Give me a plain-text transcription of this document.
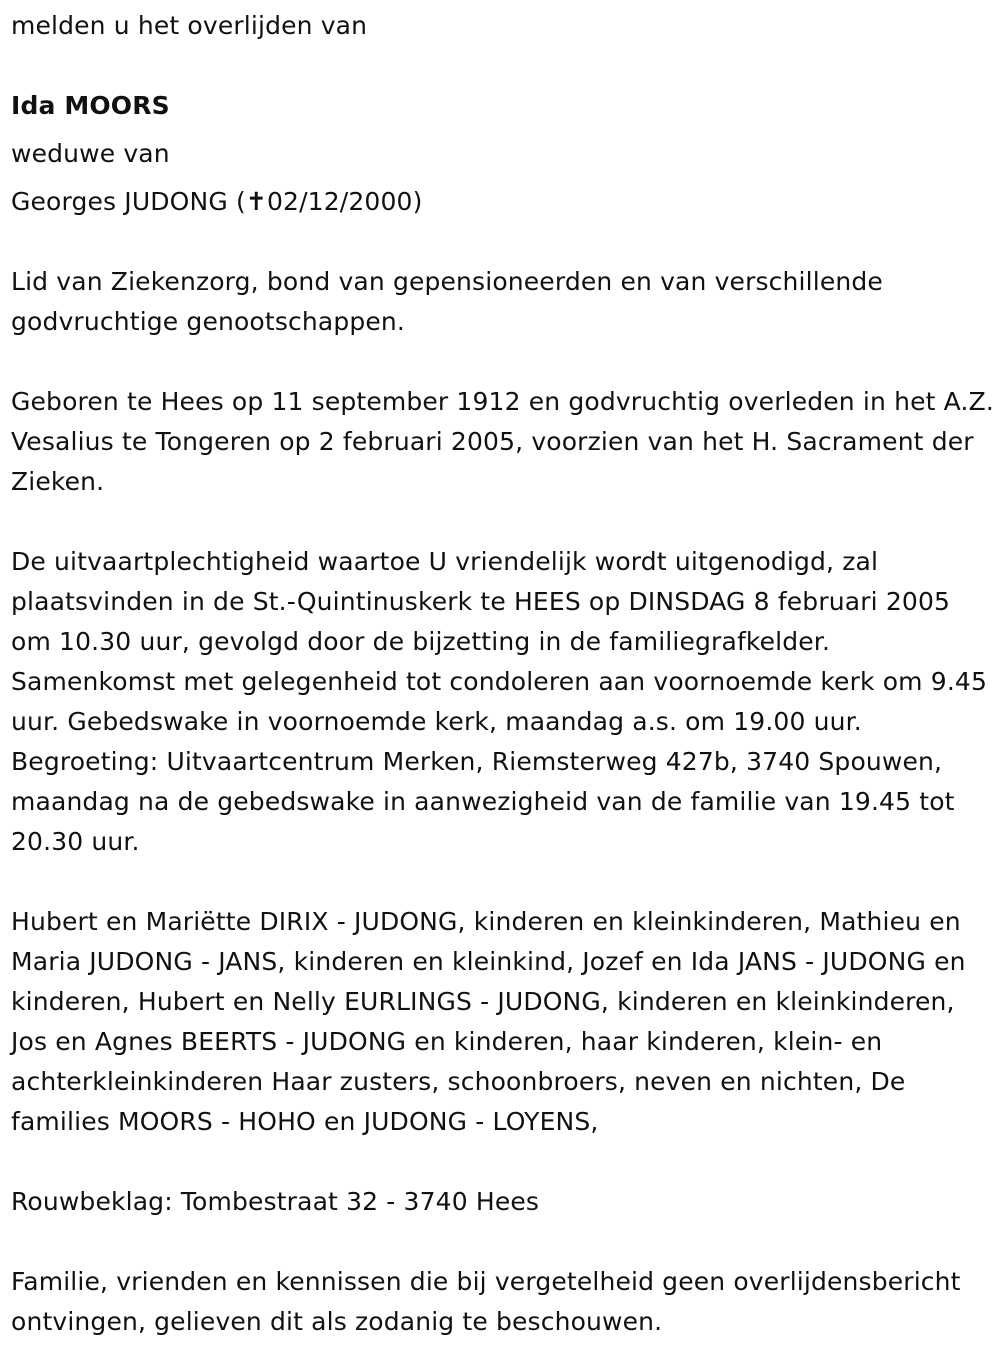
melden u het overlijden van

Ida MOORS

weduwe van

Georges JUDONG (✝02/12/2000)

Lid van Ziekenzorg, bond van gepensioneerden en van verschillende godvruchtige genootschappen.

Geboren te Hees op 11 september 1912 en godvruchtig overleden in het A.Z. Vesalius te Tongeren op 2 februari 2005, voorzien van het H. Sacrament der Zieken.

De uitvaartplechtigheid waartoe U vriendelijk wordt uitgenodigd, zal plaatsvinden in de St.-Quintinuskerk te HEES op DINSDAG 8 februari 2005 om 10.30 uur, gevolgd door de bijzetting in de familiegrafkelder. Samenkomst met gelegenheid tot condoleren aan voornoemde kerk om 9.45 uur. Gebedswake in voornoemde kerk, maandag a.s. om 19.00 uur. Begroeting: Uitvaartcentrum Merken, Riemsterweg 427b, 3740 Spouwen, maandag na de gebedswake in aanwezigheid van de familie van 19.45 tot 20.30 uur.

Hubert en Mariëtte DIRIX - JUDONG, kinderen en kleinkinderen, Mathieu en Maria JUDONG - JANS, kinderen en kleinkind, Jozef en Ida JANS - JUDONG en kinderen, Hubert en Nelly EURLINGS - JUDONG, kinderen en kleinkinderen, Jos en Agnes BEERTS - JUDONG en kinderen, haar kinderen, klein- en achterkleinkinderen Haar zusters, schoonbroers, neven en nichten, De families MOORS - HOHO en JUDONG - LOYENS,

Rouwbeklag: Tombestraat 32 - 3740 Hees

Familie, vrienden en kennissen die bij vergetelheid geen overlijdensbericht ontvingen, gelieven dit als zodanig te beschouwen.
